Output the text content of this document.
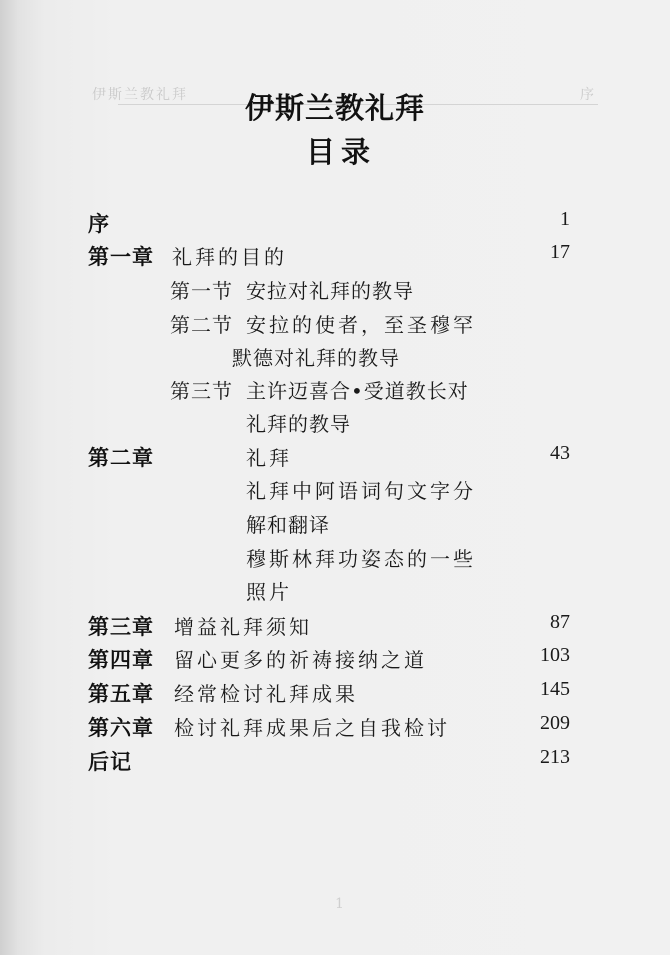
伊斯兰教礼拜	序
1
伊斯兰教礼拜
目录
序	1
第一章 礼拜的目的	17
第一节 安拉对礼拜的教导
第二节 安拉的使者，至圣穆罕
默德对礼拜的教导
第三节 主许迈喜合•受道教长对
礼拜的教导
第二章	礼拜	43
礼拜中阿语词句文字分
解和翻译
穆斯林拜功姿态的一些
照片
第三章 增益礼拜须知	87
第四章 留心更多的祈祷接纳之道	103
第五章 经常检讨礼拜成果	145
第六章 检讨礼拜成果后之自我检讨	209
后记	213
